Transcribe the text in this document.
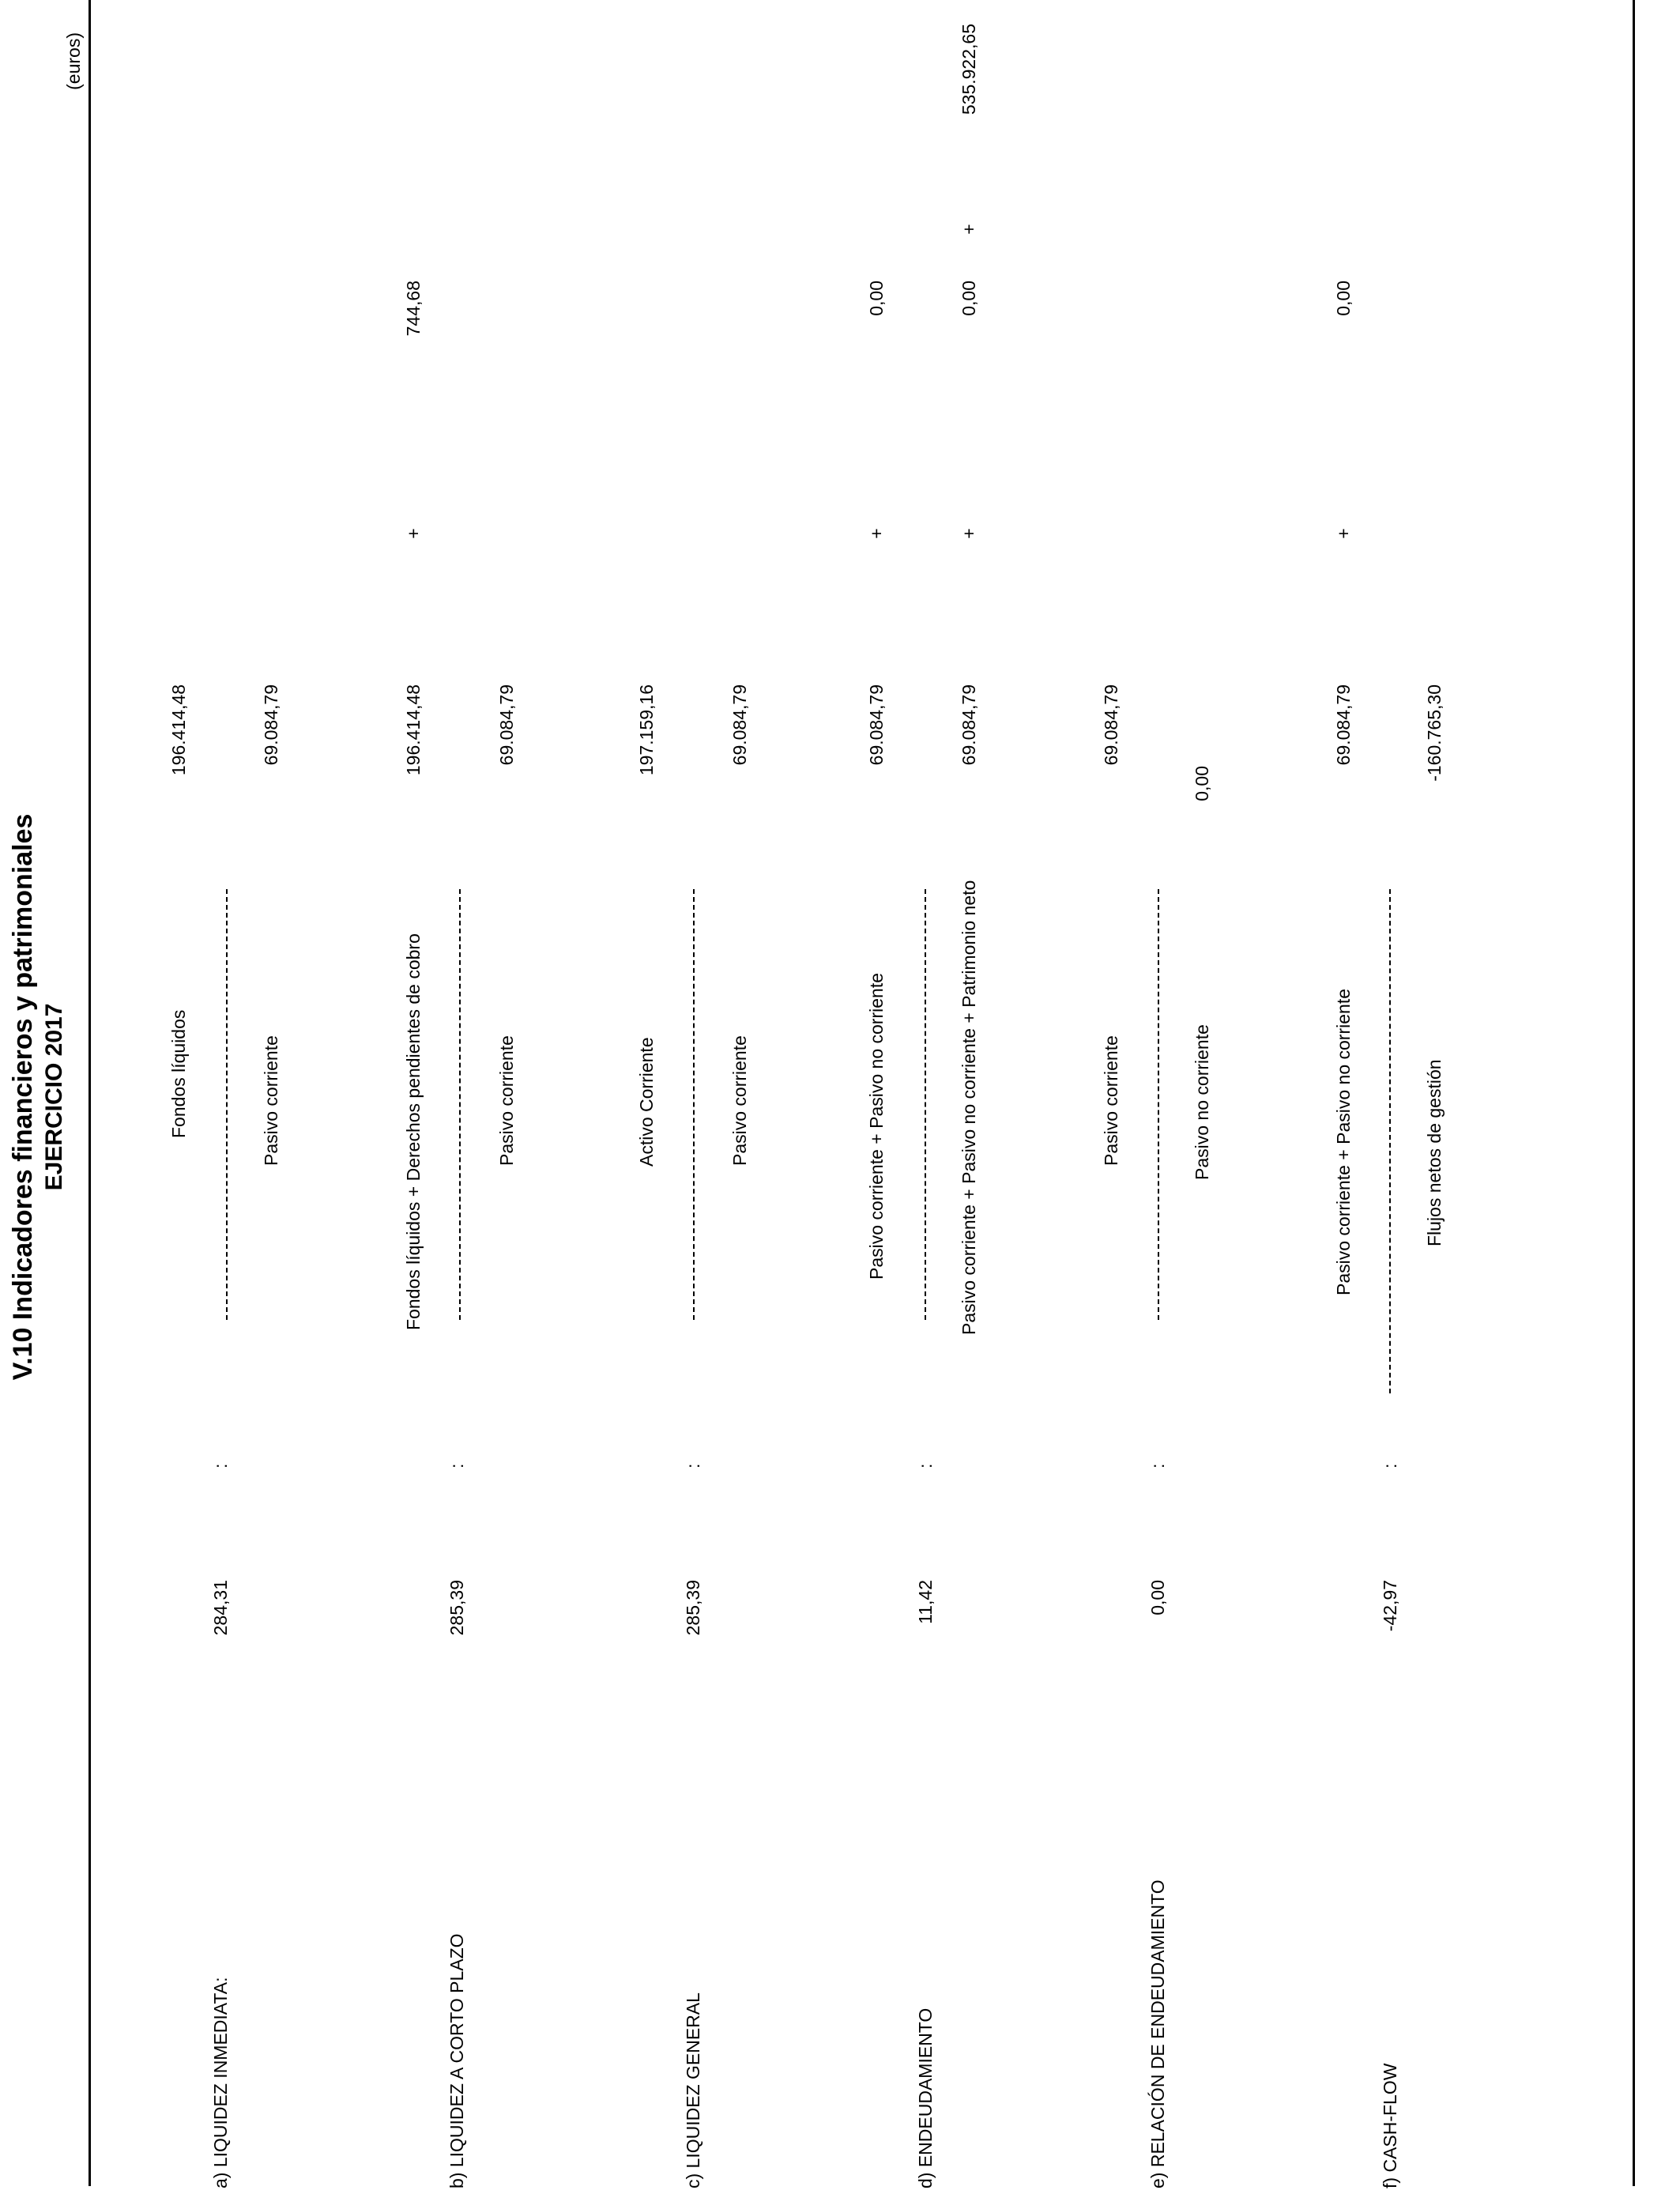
V.10 Indicadores financieros y patrimoniales EJERCICIO 2017
(euros)
a) LIQUIDEZ INMEDIATA:
284,31
:
Fondos líquidos
196.414,48
Pasivo corriente
69.084,79
b) LIQUIDEZ A CORTO PLAZO
285,39
:
Fondos líquidos + Derechos pendientes de cobro
196.414,48
+
744,68
Pasivo corriente
69.084,79
c) LIQUIDEZ GENERAL
285,39
:
Activo Corriente
197.159,16
Pasivo corriente
69.084,79
d) ENDEUDAMIENTO
11,42
:
Pasivo corriente + Pasivo no corriente
69.084,79
+
0,00
Pasivo corriente + Pasivo no corriente + Patrimonio neto
69.084,79
+
0,00
+
535.922,65
e) RELACIÓN DE ENDEUDAMIENTO
0,00
:
Pasivo corriente
69.084,79
Pasivo no corriente
0,00
f) CASH-FLOW
-42,97
:
Pasivo corriente + Pasivo no corriente
69.084,79
+
0,00
Flujos netos de gestión
-160.765,30
